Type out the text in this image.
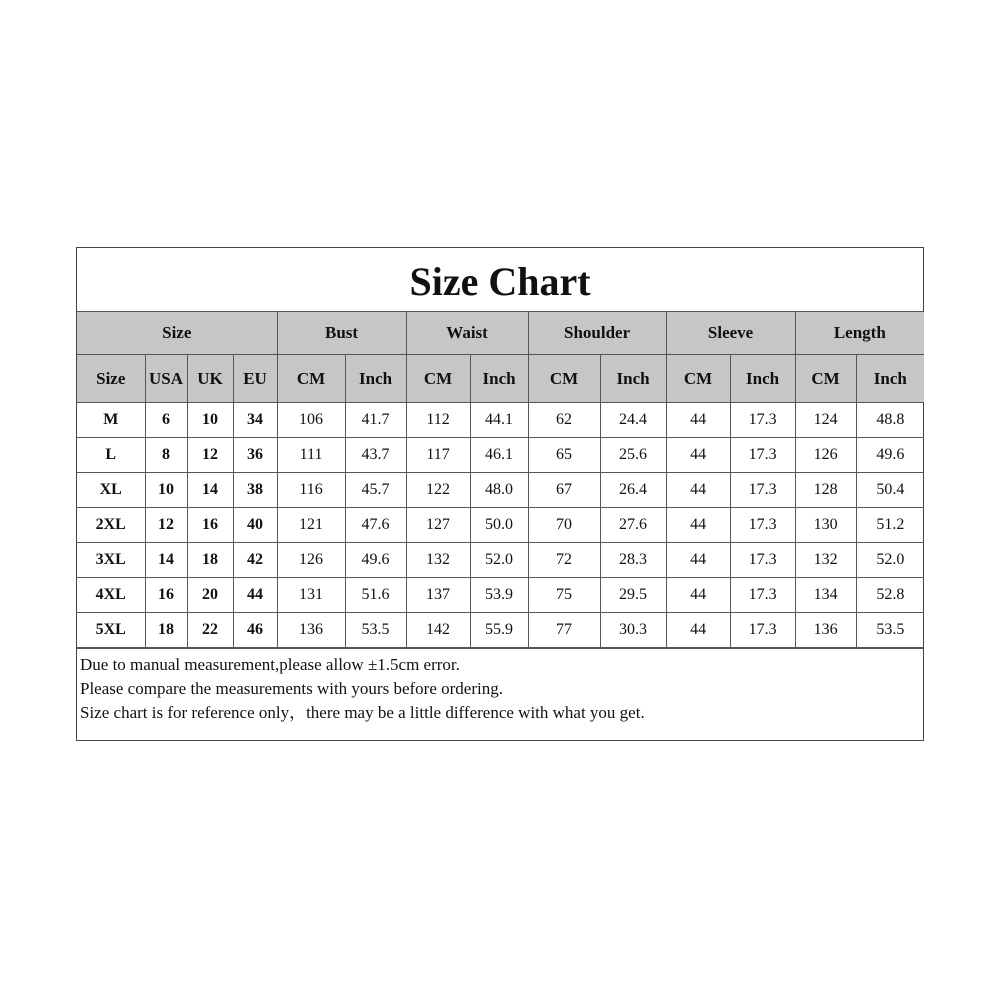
Size Chart
Size				Bust		Waist		Shoulder		Sleeve		Length	
Size	USA	UK	EU	CM	Inch	CM	Inch	CM	Inch	CM	Inch	CM	Inch
M	6	10	34	106	41.7	112	44.1	62	24.4	44	17.3	124	48.8
L	8	12	36	111	43.7	117	46.1	65	25.6	44	17.3	126	49.6
XL	10	14	38	116	45.7	122	48.0	67	26.4	44	17.3	128	50.4
2XL	12	16	40	121	47.6	127	50.0	70	27.6	44	17.3	130	51.2
3XL	14	18	42	126	49.6	132	52.0	72	28.3	44	17.3	132	52.0
4XL	16	20	44	131	51.6	137	53.9	75	29.5	44	17.3	134	52.8
5XL	18	22	46	136	53.5	142	55.9	77	30.3	44	17.3	136	53.5
Due to manual measurement,please allow ±1.5cm error.
Please compare the measurements with yours before ordering.
Size chart is for reference only，there may be a little difference with what you get.
